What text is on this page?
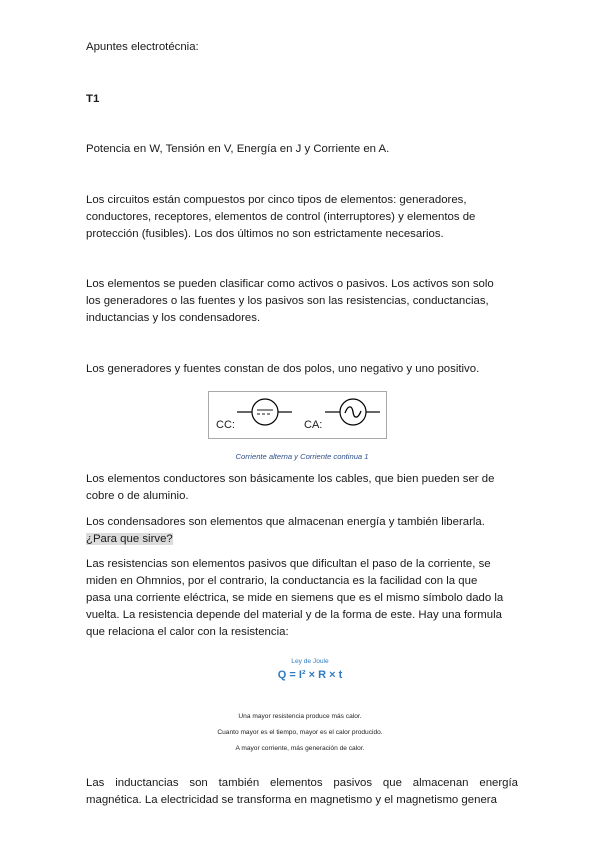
Apuntes electrotécnia:

T1

Potencia en W, Tensión en V, Energía en J y Corriente en A.

Los circuitos están compuestos por cinco tipos de elementos: generadores,
conductores, receptores, elementos de control (interruptores) y elementos de
protección (fusibles). Los dos últimos no son estrictamente necesarios.
Los elementos se pueden clasificar como activos o pasivos. Los activos son solo
los generadores o las fuentes y los pasivos son las resistencias, conductancias,
inductancias y los condensadores.

Los generadores y fuentes constan de dos polos, uno negativo y uno positivo.

CC:	CA:
Corriente alterna y Corriente continua 1
Los elementos conductores son básicamente los cables, que bien pueden ser de
cobre o de aluminio.
Los condensadores son elementos que almacenan energía y también liberarla.
¿Para que sirve?
Las resistencias son elementos pasivos que dificultan el paso de la corriente, se
miden en Ohmnios, por el contrario, la conductancia es la facilidad con la que
pasa una corriente eléctrica, se mide en siemens que es el mismo símbolo dado la
vuelta. La resistencia depende del material y de la forma de este. Hay una formula
que relaciona el calor con la resistencia:
Ley de Joule
Q = I² × R × t
Una mayor resistencia produce más calor.
Cuanto mayor es el tiempo, mayor es el calor producido.
A mayor corriente, más generación de calor.
Las inductancias son también elementos pasivos que almacenan energía
magnética. La electricidad se transforma en magnetismo y el magnetismo genera
